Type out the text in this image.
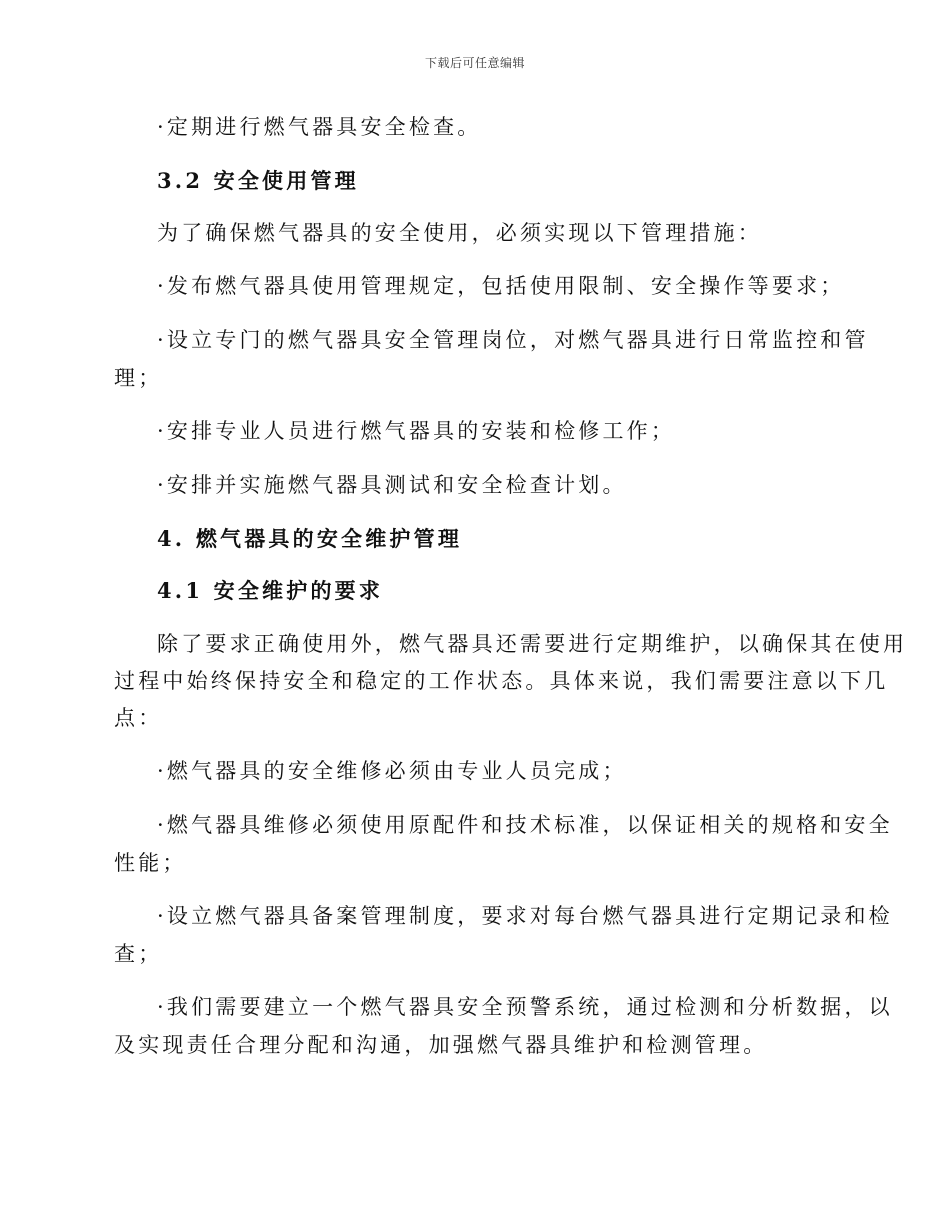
下载后可任意编辑
·定期进行燃气器具安全检查。
3.2 安全使用管理
为了确保燃气器具的安全使用，必须实现以下管理措施：
·发布燃气器具使用管理规定，包括使用限制、安全操作等要求；
·设立专门的燃气器具安全管理岗位，对燃气器具进行日常监控和管
理；
·安排专业人员进行燃气器具的安装和检修工作；
·安排并实施燃气器具测试和安全检查计划。
4. 燃气器具的安全维护管理
4.1 安全维护的要求
除了要求正确使用外，燃气器具还需要进行定期维护，以确保其在使用
过程中始终保持安全和稳定的工作状态。具体来说，我们需要注意以下几
点：
·燃气器具的安全维修必须由专业人员完成；
·燃气器具维修必须使用原配件和技术标准，以保证相关的规格和安全
性能；
·设立燃气器具备案管理制度，要求对每台燃气器具进行定期记录和检
查；
·我们需要建立一个燃气器具安全预警系统，通过检测和分析数据，以
及实现责任合理分配和沟通，加强燃气器具维护和检测管理。
